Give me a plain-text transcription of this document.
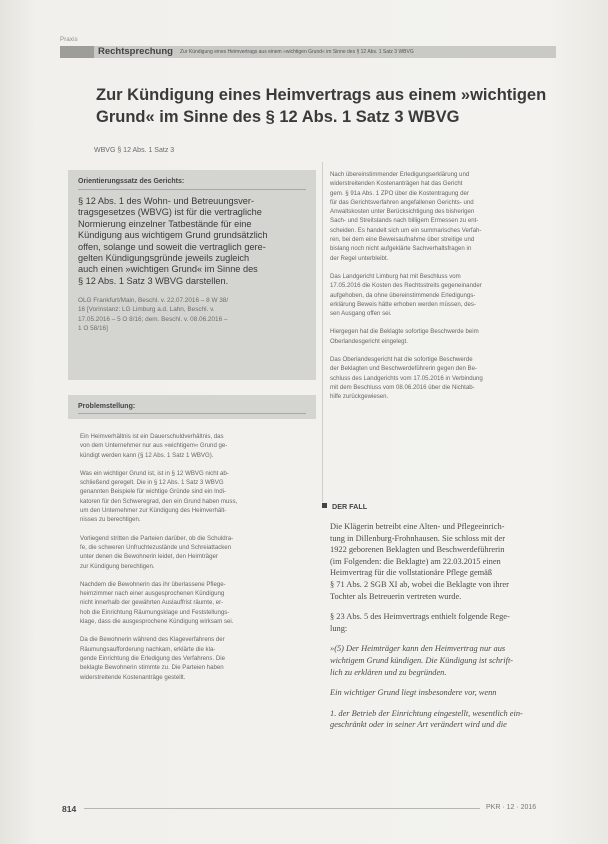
Praxis
Rechtsprechung Zur Kündigung eines Heimvertrags aus einem »wichtigen Grund« im Sinne des § 12 Abs. 1 Satz 3 WBVG
Zur Kündigung eines Heimvertrags aus einem »wichtigen
Grund« im Sinne des § 12 Abs. 1 Satz 3 WBVG
WBVG § 12 Abs. 1 Satz 3
Orientierungssatz des Gerichts:
§ 12 Abs. 1 des Wohn- und Betreuungsver-
tragsgesetzes (WBVG) ist für die vertragliche
Normierung einzelner Tatbestände für eine
Kündigung aus wichtigem Grund grundsätzlich
offen, solange und soweit die vertraglich gere-
gelten Kündigungsgründe jeweils zugleich
auch einen »wichtigen Grund« im Sinne des
§ 12 Abs. 1 Satz 3 WBVG darstellen.
OLG Frankfurt/Main, Beschl. v. 22.07.2016 – 8 W 38/
16 [Vorinstanz: LG Limburg a.d. Lahn, Beschl. v.
17.05.2016 – 5 O 8/16; dem. Beschl. v. 08.06.2016 –
1 O 58/16]
Problemstellung:

Ein Heimverhältnis ist ein Dauerschuldverhältnis, das
von dem Unternehmer nur aus »wichtigem« Grund ge-
kündigt werden kann (§ 12 Abs. 1 Satz 1 WBVG).

Was ein wichtiger Grund ist, ist in § 12 WBVG nicht ab-
schließend geregelt. Die in § 12 Abs. 1 Satz 3 WBVG
genannten Beispiele für wichtige Gründe sind ein Indi-
katoren für den Schweregrad, den ein Grund haben muss,
um den Unternehmer zur Kündigung des Heimverhält-
nisses zu berechtigen.

Vorliegend stritten die Parteien darüber, ob die Schuldra-
fe, die schweren Unfruchtezustände und Schreiattacken
unter denen die Bewohnerin leidet, den Heimträger
zur Kündigung berechtigen.

Nachdem die Bewohnerin das ihr überlassene Pflege-
heimzimmer nach einer ausgesprochenen Kündigung
nicht innerhalb der gewährten Auslauffrist räumte, er-
hob die Einrichtung Räumungsklage und Feststellungs-
klage, dass die ausgesprochene Kündigung wirksam sei.

Da die Bewohnerin während des Klageverfahrens der
Räumungsaufforderung nachkam, erklärte die kla-
gende Einrichtung die Erledigung des Verfahrens. Die
beklagte Bewohnerin stimmte zu. Die Parteien haben
widerstreitende Kostenanträge gestellt.

Nach übereinstimmender Erledigungserklärung und
widerstreitenden Kostenanträgen hat das Gericht
gem. § 91a Abs. 1 ZPO über die Kostentragung der
für das Gerichtsverfahren angefallenen Gerichts- und
Anwaltskosten unter Berücksichtigung des bisherigen
Sach- und Streitstands nach billigem Ermessen zu ent-
scheiden. Es handelt sich um ein summarisches Verfah-
ren, bei dem eine Beweisaufnahme über streitige und
bislang noch nicht aufgeklärte Sachverhaltsfragen in
der Regel unterbleibt.

Das Landgericht Limburg hat mit Beschluss vom
17.05.2016 die Kosten des Rechtsstreits gegeneinander
aufgehoben, da ohne übereinstimmende Erledigungs-
erklärung Beweis hätte erhoben werden müssen, des-
sen Ausgang offen sei.

Hiergegen hat die Beklagte sofortige Beschwerde beim
Oberlandesgericht eingelegt.

Das Oberlandesgericht hat die sofortige Beschwerde
der Beklagten und Beschwerdeführerin gegen den Be-
schluss des Landgerichts vom 17.05.2016 in Verbindung
mit dem Beschluss vom 08.06.2016 über die Nichtab-
hilfe zurückgewiesen.

DER FALL

Die Klägerin betreibt eine Alten- und Pflegeeinrich-
tung in Dillenburg-Frohnhausen. Sie schloss mit der
1922 geborenen Beklagten und Beschwerdeführerin
(im Folgenden: die Beklagte) am 22.03.2015 einen
Heimvertrag für die vollstationäre Pflege gemäß
§ 71 Abs. 2 SGB XI ab, wobei die Beklagte von ihrer
Tochter als Betreuerin vertreten wurde.

§ 23 Abs. 5 des Heimvertrags enthielt folgende Rege-
lung:

»(5) Der Heimträger kann den Heimvertrag nur aus
wichtigem Grund kündigen. Die Kündigung ist schrift-
lich zu erklären und zu begründen.

Ein wichtiger Grund liegt insbesondere vor, wenn

1. der Betrieb der Einrichtung eingestellt, wesentlich ein-
geschränkt oder in seiner Art verändert wird und die

814	PKR · 12 · 2016
